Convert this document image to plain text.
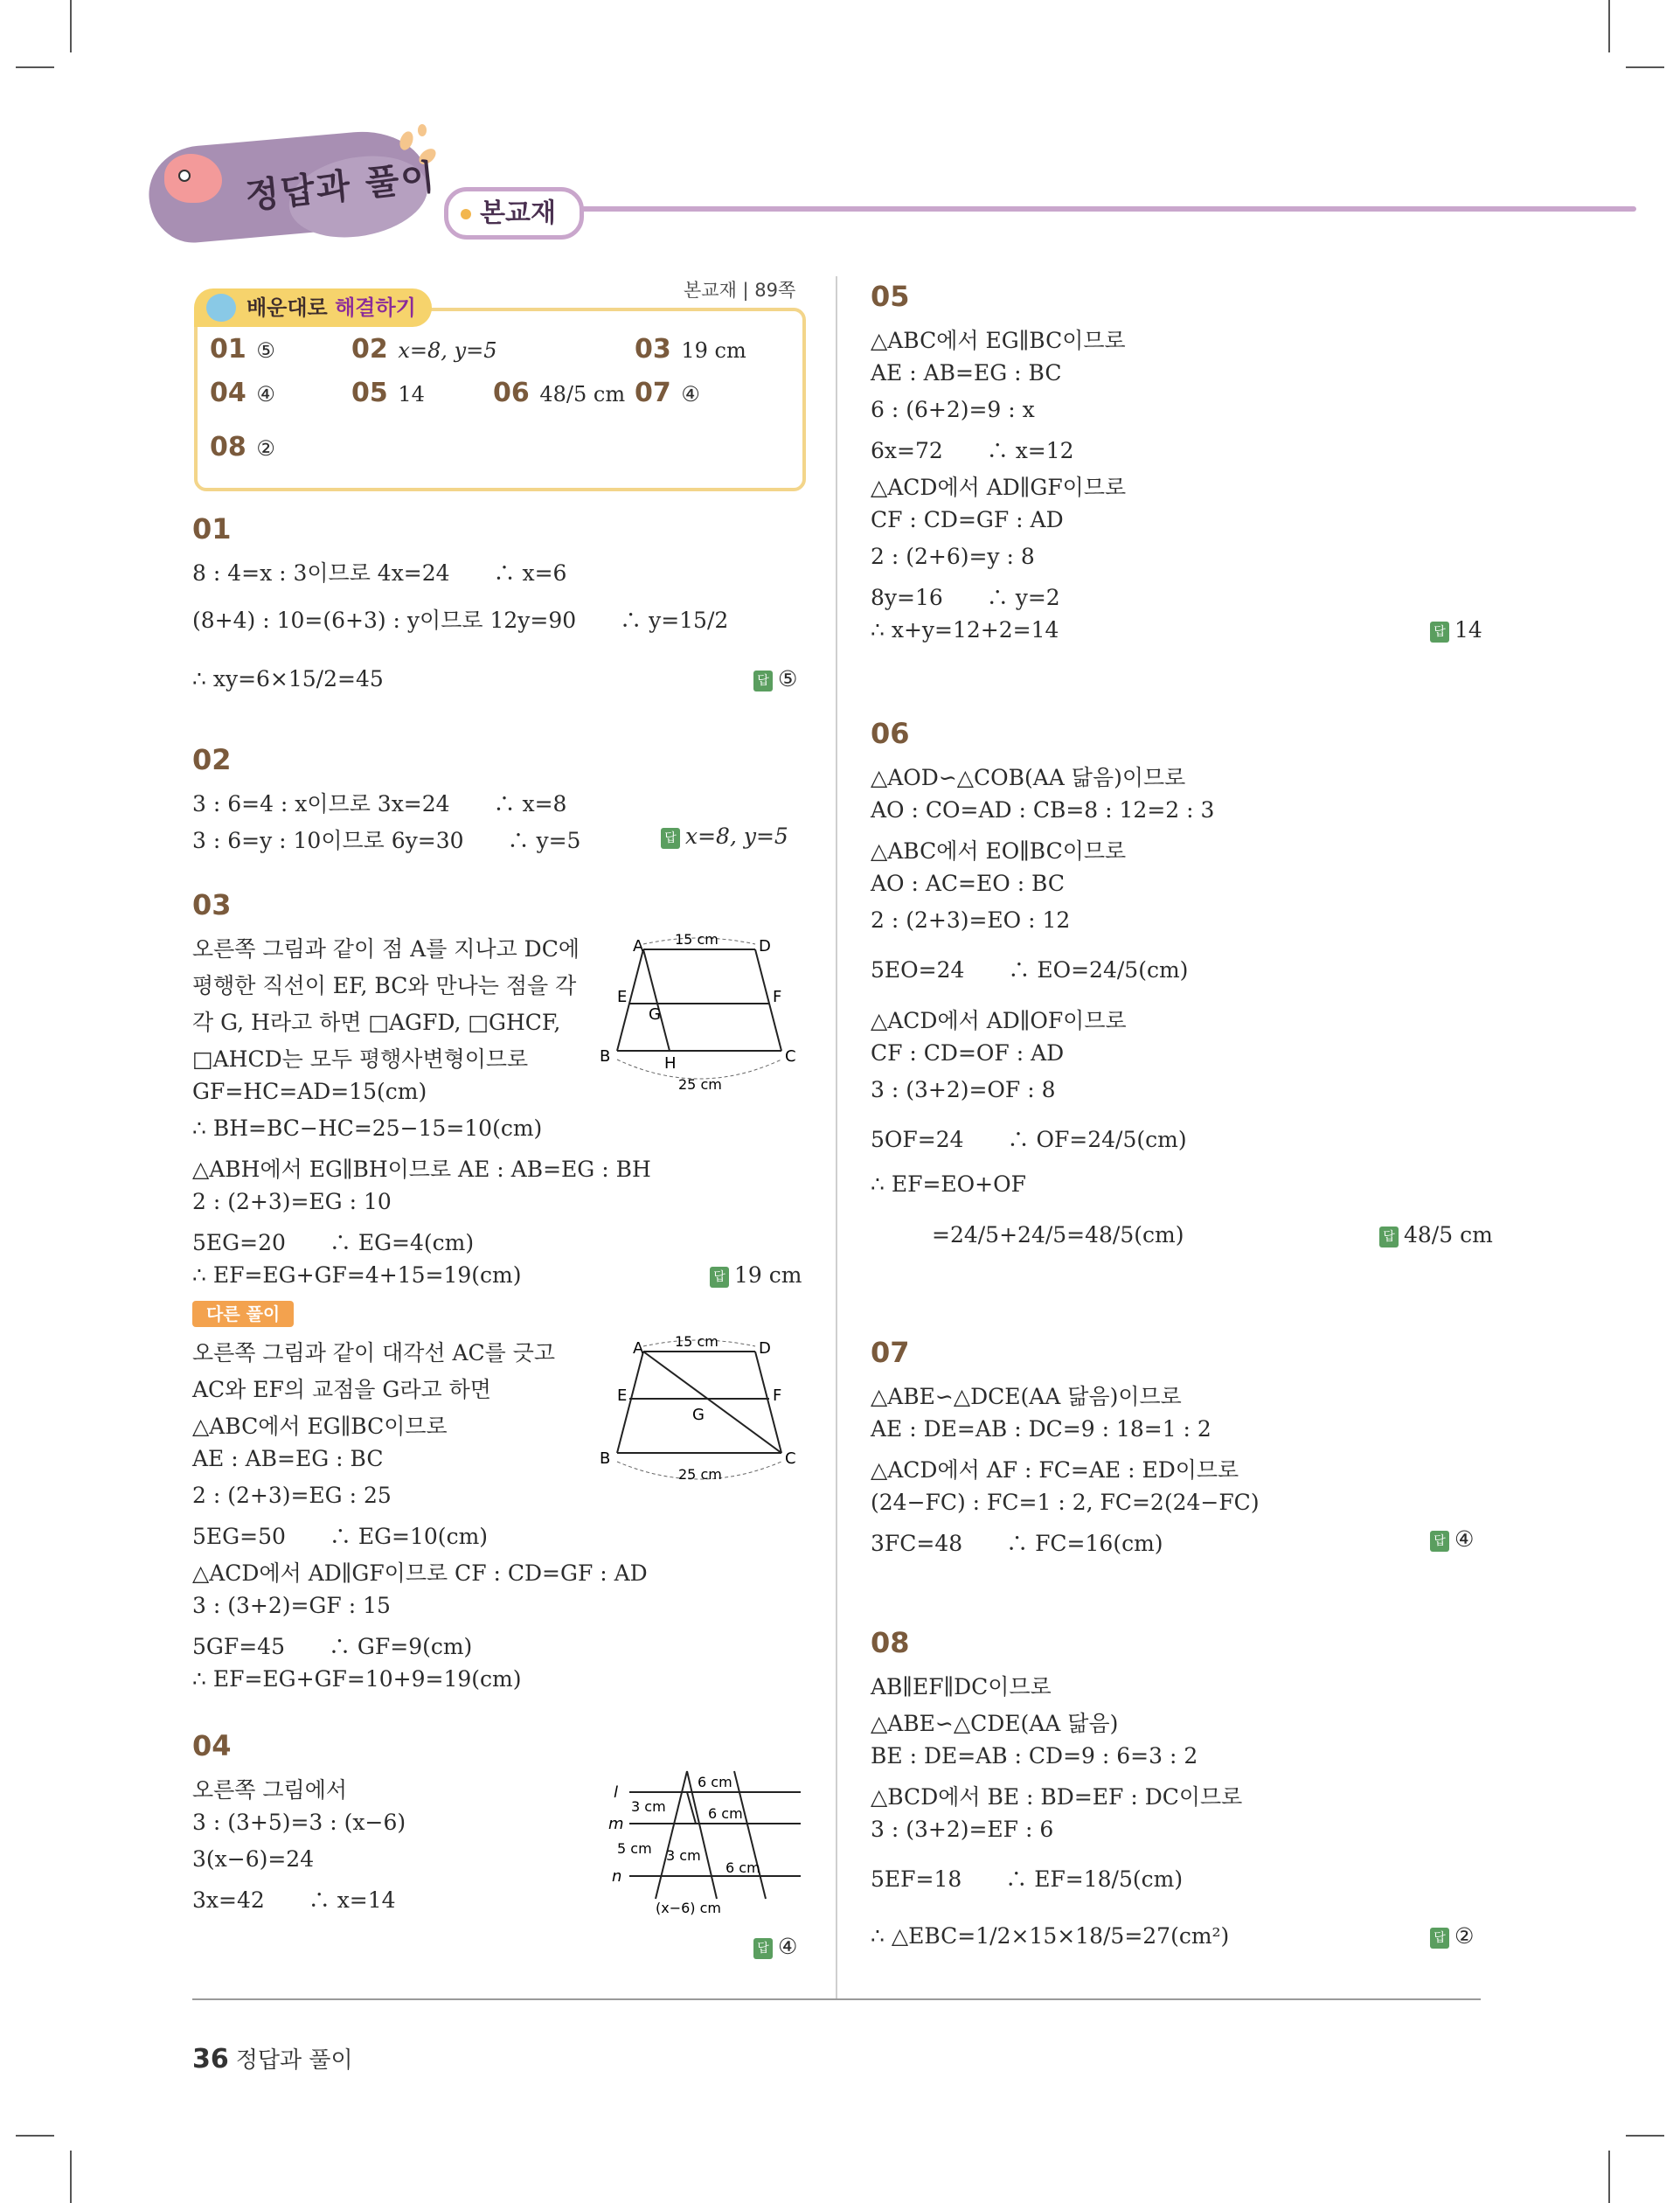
정답과 풀이	본교재
본교재 | 89쪽
배운대로 해결하기
01 ⑤	02 x=8, y=5	03 19 cm
04 ④	05 14	06 48/5 cm 07 ④
08 ②
01
8 : 4=x : 3이므로 4x=24　　∴ x=6
(8+4) : 10=(6+3) : y이므로 12y=90　　∴ y=15/2
∴ xy=6×15/2=45	답 ⑤
02
3 : 6=4 : x이므로 3x=24　　∴ x=8
3 : 6=y : 10이므로 6y=30　　∴ y=5	답 x=8, y=5
03
오른쪽 그림과 같이 점 A를 지나고 DC에
평행한 직선이 EF, BC와 만나는 점을 각
각 G, H라고 하면 □AGFD, □GHCF,
□AHCD는 모두 평행사변형이므로
GF=HC=AD=15(cm)
∴ BH=BC−HC=25−15=10(cm)
△ABH에서 EG∥BH이므로 AE : AB=EG : BH
2 : (2+3)=EG : 10
5EG=20　　∴ EG=4(cm)
∴ EF=EG+GF=4+15=19(cm)	답 19 cm
A	D
E	F
G
B	H	C
15 cm
25 cm
다른 풀이
오른쪽 그림과 같이 대각선 AC를 긋고
AC와 EF의 교점을 G라고 하면
△ABC에서 EG∥BC이므로
AE : AB=EG : BC
2 : (2+3)=EG : 25
5EG=50　　∴ EG=10(cm)
△ACD에서 AD∥GF이므로 CF : CD=GF : AD
3 : (3+2)=GF : 15
5GF=45　　∴ GF=9(cm)
∴ EF=EG+GF=10+9=19(cm)
A	D
E	F
G
B	C
15 cm
25 cm
04
오른쪽 그림에서
3 : (3+5)=3 : (x−6)
3(x−6)=24
3x=42　　∴ x=14
답 ④
l
m
n
3 cm
5 cm 3 cm
6 cm
6 cm
6 cm
(x−6) cm
05
△ABC에서 EG∥BC이므로
AE : AB=EG : BC
6 : (6+2)=9 : x
6x=72　　∴ x=12
△ACD에서 AD∥GF이므로
CF : CD=GF : AD
2 : (2+6)=y : 8
8y=16　　∴ y=2
∴ x+y=12+2=14	답 14
06
△AOD∽△COB(AA 닮음)이므로
AO : CO=AD : CB=8 : 12=2 : 3
△ABC에서 EO∥BC이므로
AO : AC=EO : BC
2 : (2+3)=EO : 12
5EO=24　　∴ EO=24/5(cm)
△ACD에서 AD∥OF이므로
CF : CD=OF : AD
3 : (3+2)=OF : 8
5OF=24　　∴ OF=24/5(cm)
∴ EF=EO+OF
=24/5+24/5=48/5(cm)	답 48/5 cm
07
△ABE∽△DCE(AA 닮음)이므로
AE : DE=AB : DC=9 : 18=1 : 2
△ACD에서 AF : FC=AE : ED이므로
(24−FC) : FC=1 : 2, FC=2(24−FC)
3FC=48　　∴ FC=16(cm)	답 ④
08
AB∥EF∥DC이므로
△ABE∽△CDE(AA 닮음)
BE : DE=AB : CD=9 : 6=3 : 2
△BCD에서 BE : BD=EF : DC이므로
3 : (3+2)=EF : 6
5EF=18　　∴ EF=18/5(cm)
∴ △EBC=1/2×15×18/5=27(cm²)	답 ②
36 정답과 풀이
